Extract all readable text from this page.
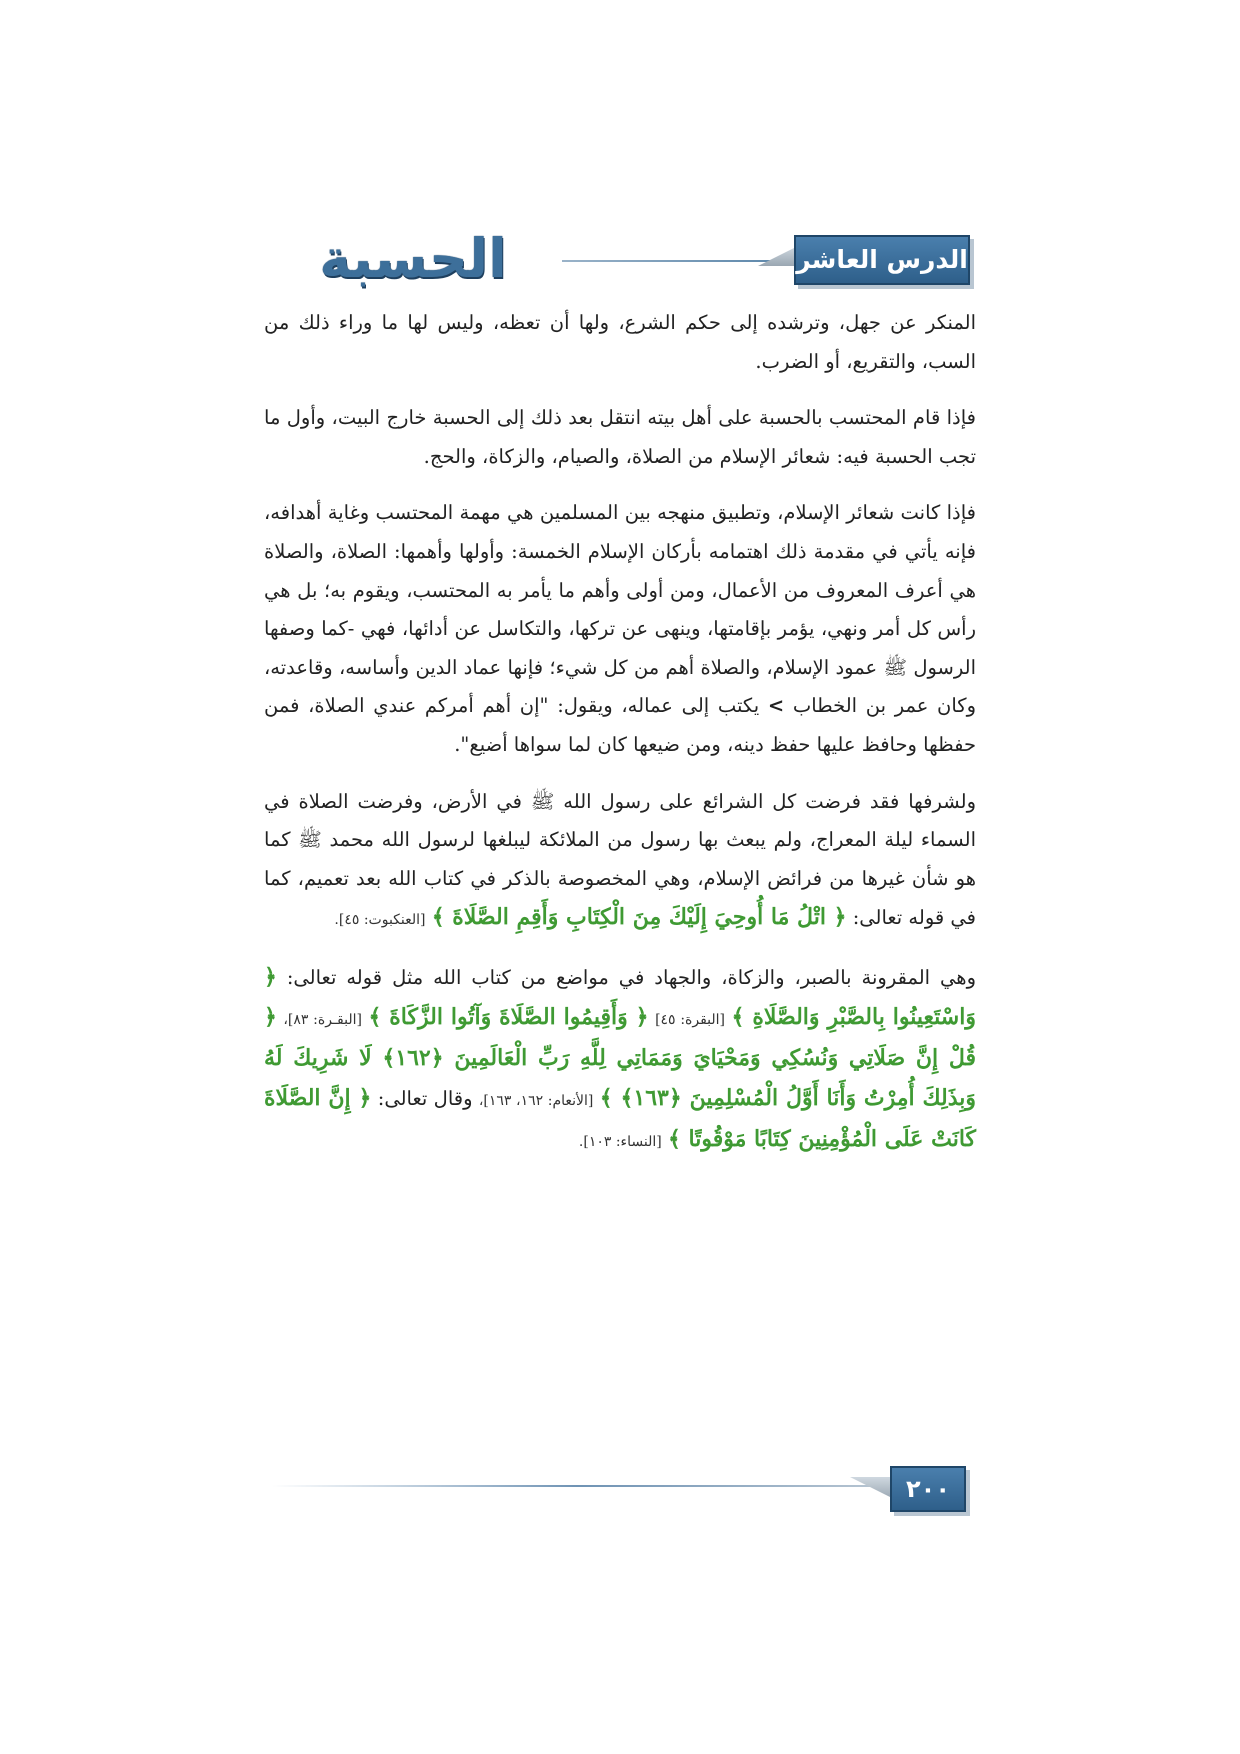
الحسبة	الدرس العاشر

المنكر عن جهل، وترشده إلى حكم الشرع، ولها أن تعظه، وليس لها ما وراء ذلك من السب، والتقريع، أو الضرب.

فإذا قام المحتسب بالحسبة على أهل بيته انتقل بعد ذلك إلى الحسبة خارج البيت، وأول ما تجب الحسبة فيه: شعائر الإسلام من الصلاة، والصيام، والزكاة، والحج.

فإذا كانت شعائر الإسلام، وتطبيق منهجه بين المسلمين هي مهمة المحتسب وغاية أهدافه، فإنه يأتي في مقدمة ذلك اهتمامه بأركان الإسلام الخمسة: وأولها وأهمها: الصلاة، والصلاة هي أعرف المعروف من الأعمال، ومن أولى وأهم ما يأمر به المحتسب، ويقوم به؛ بل هي رأس كل أمر ونهي، يؤمر بإقامتها، وينهى عن تركها، والتكاسل عن أدائها، فهي -كما وصفها الرسول ﷺ عمود الإسلام، والصلاة أهم من كل شيء؛ فإنها عماد الدين وأساسه، وقاعدته، وكان عمر بن الخطاب > يكتب إلى عماله، ويقول: "إن أهم أمركم عندي الصلاة، فمن حفظها وحافظ عليها حفظ دينه، ومن ضيعها كان لما سواها أضيع".

ولشرفها فقد فرضت كل الشرائع على رسول الله ﷺ في الأرض، وفرضت الصلاة في السماء ليلة المعراج، ولم يبعث بها رسول من الملائكة ليبلغها لرسول الله محمد ﷺ كما هو شأن غيرها من فرائض الإسلام، وهي المخصوصة بالذكر في كتاب الله بعد تعميم، كما في قوله تعالى: ﴿ اتْلُ مَا أُوحِيَ إِلَيْكَ مِنَ الْكِتَابِ وَأَقِمِ الصَّلَاةَ ﴾ [العنكبوت: ٤٥].

وهي المقرونة بالصبر، والزكاة، والجهاد في مواضع من كتاب الله مثل قوله تعالى: ﴿ وَاسْتَعِينُوا بِالصَّبْرِ وَالصَّلَاةِ ﴾ [البقرة: ٤٥] ﴿ وَأَقِيمُوا الصَّلَاةَ وَآتُوا الزَّكَاةَ ﴾ [البقـرة: ٨٣]، ﴿ قُلْ إِنَّ صَلَاتِي وَنُسُكِي وَمَحْيَايَ وَمَمَاتِي لِلَّهِ رَبِّ الْعَالَمِينَ ﴿١٦٢﴾ لَا شَرِيكَ لَهُ وَبِذَلِكَ أُمِرْتُ وَأَنَا أَوَّلُ الْمُسْلِمِينَ ﴿١٦٣﴾ ﴾ [الأنعام: ١٦٢، ١٦٣]، وقال تعالى: ﴿ إِنَّ الصَّلَاةَ كَانَتْ عَلَى الْمُؤْمِنِينَ كِتَابًا مَوْقُوتًا ﴾ [النساء: ١٠٣].

٢٠٠
